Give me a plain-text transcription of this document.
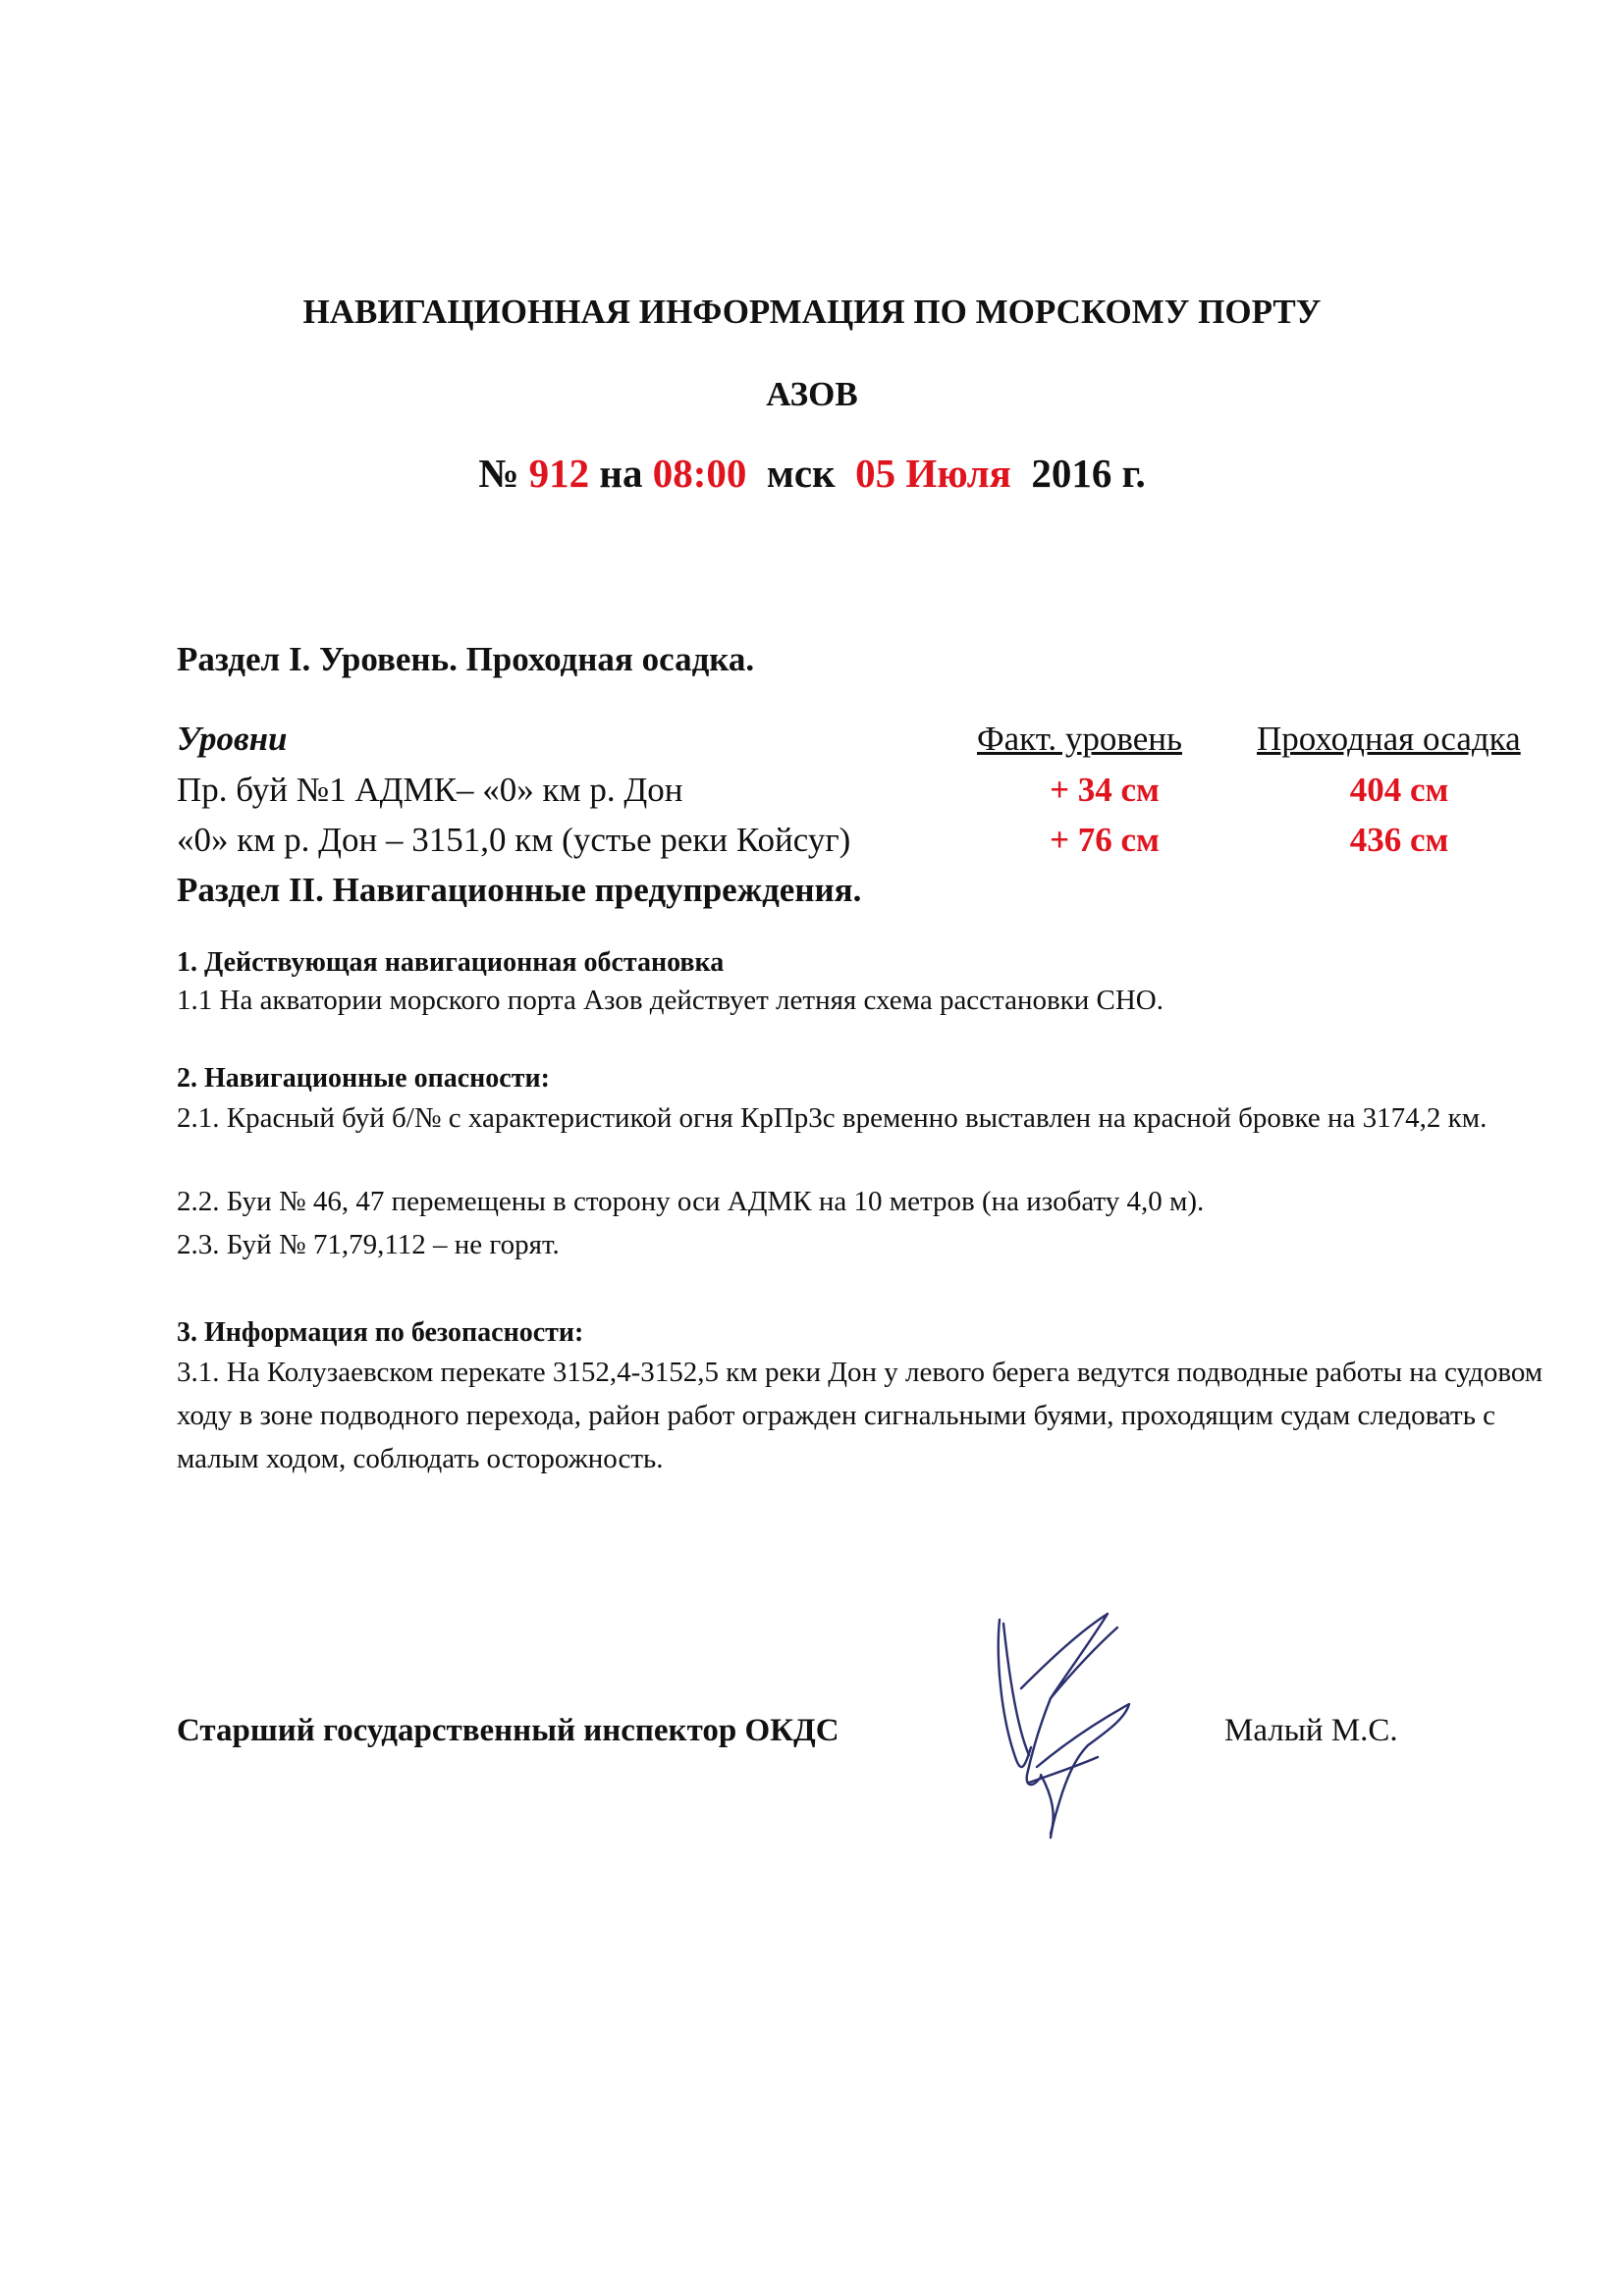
НАВИГАЦИОННАЯ ИНФОРМАЦИЯ ПО МОРСКОМУ ПОРТУ
АЗОВ
№ 912 на 08:00  мск  05 Июля  2016 г.
Раздел I. Уровень. Проходная осадка.
Уровни	Факт. уровень Проходная осадка
Пр. буй №1 АДМК– «0» км р. Дон	+ 34 см	404 см
«0» км р. Дон – 3151,0 км (устье реки Койсуг)	+ 76 см	436 см
Раздел II. Навигационные предупреждения.
1. Действующая навигационная обстановка
1.1 На акватории морского порта Азов действует летняя схема расстановки СНО.
2. Навигационные опасности:
2.1. Красный буй б/№ с характеристикой огня КрПр3с временно выставлен на красной бровке на 3174,2 км.
2.2. Буи № 46, 47 перемещены в сторону оси АДМК на 10 метров (на изобату 4,0 м).
2.3. Буй № 71,79,112 – не горят.
3. Информация по безопасности:
3.1. На Колузаевском перекате 3152,4-3152,5 км реки Дон у левого берега ведутся подводные работы на судовом ходу в зоне подводного перехода, район работ огражден сигнальными буями, проходящим судам следовать с малым ходом, соблюдать осторожность.
Старший государственный инспектор ОКДС	Малый М.С.
